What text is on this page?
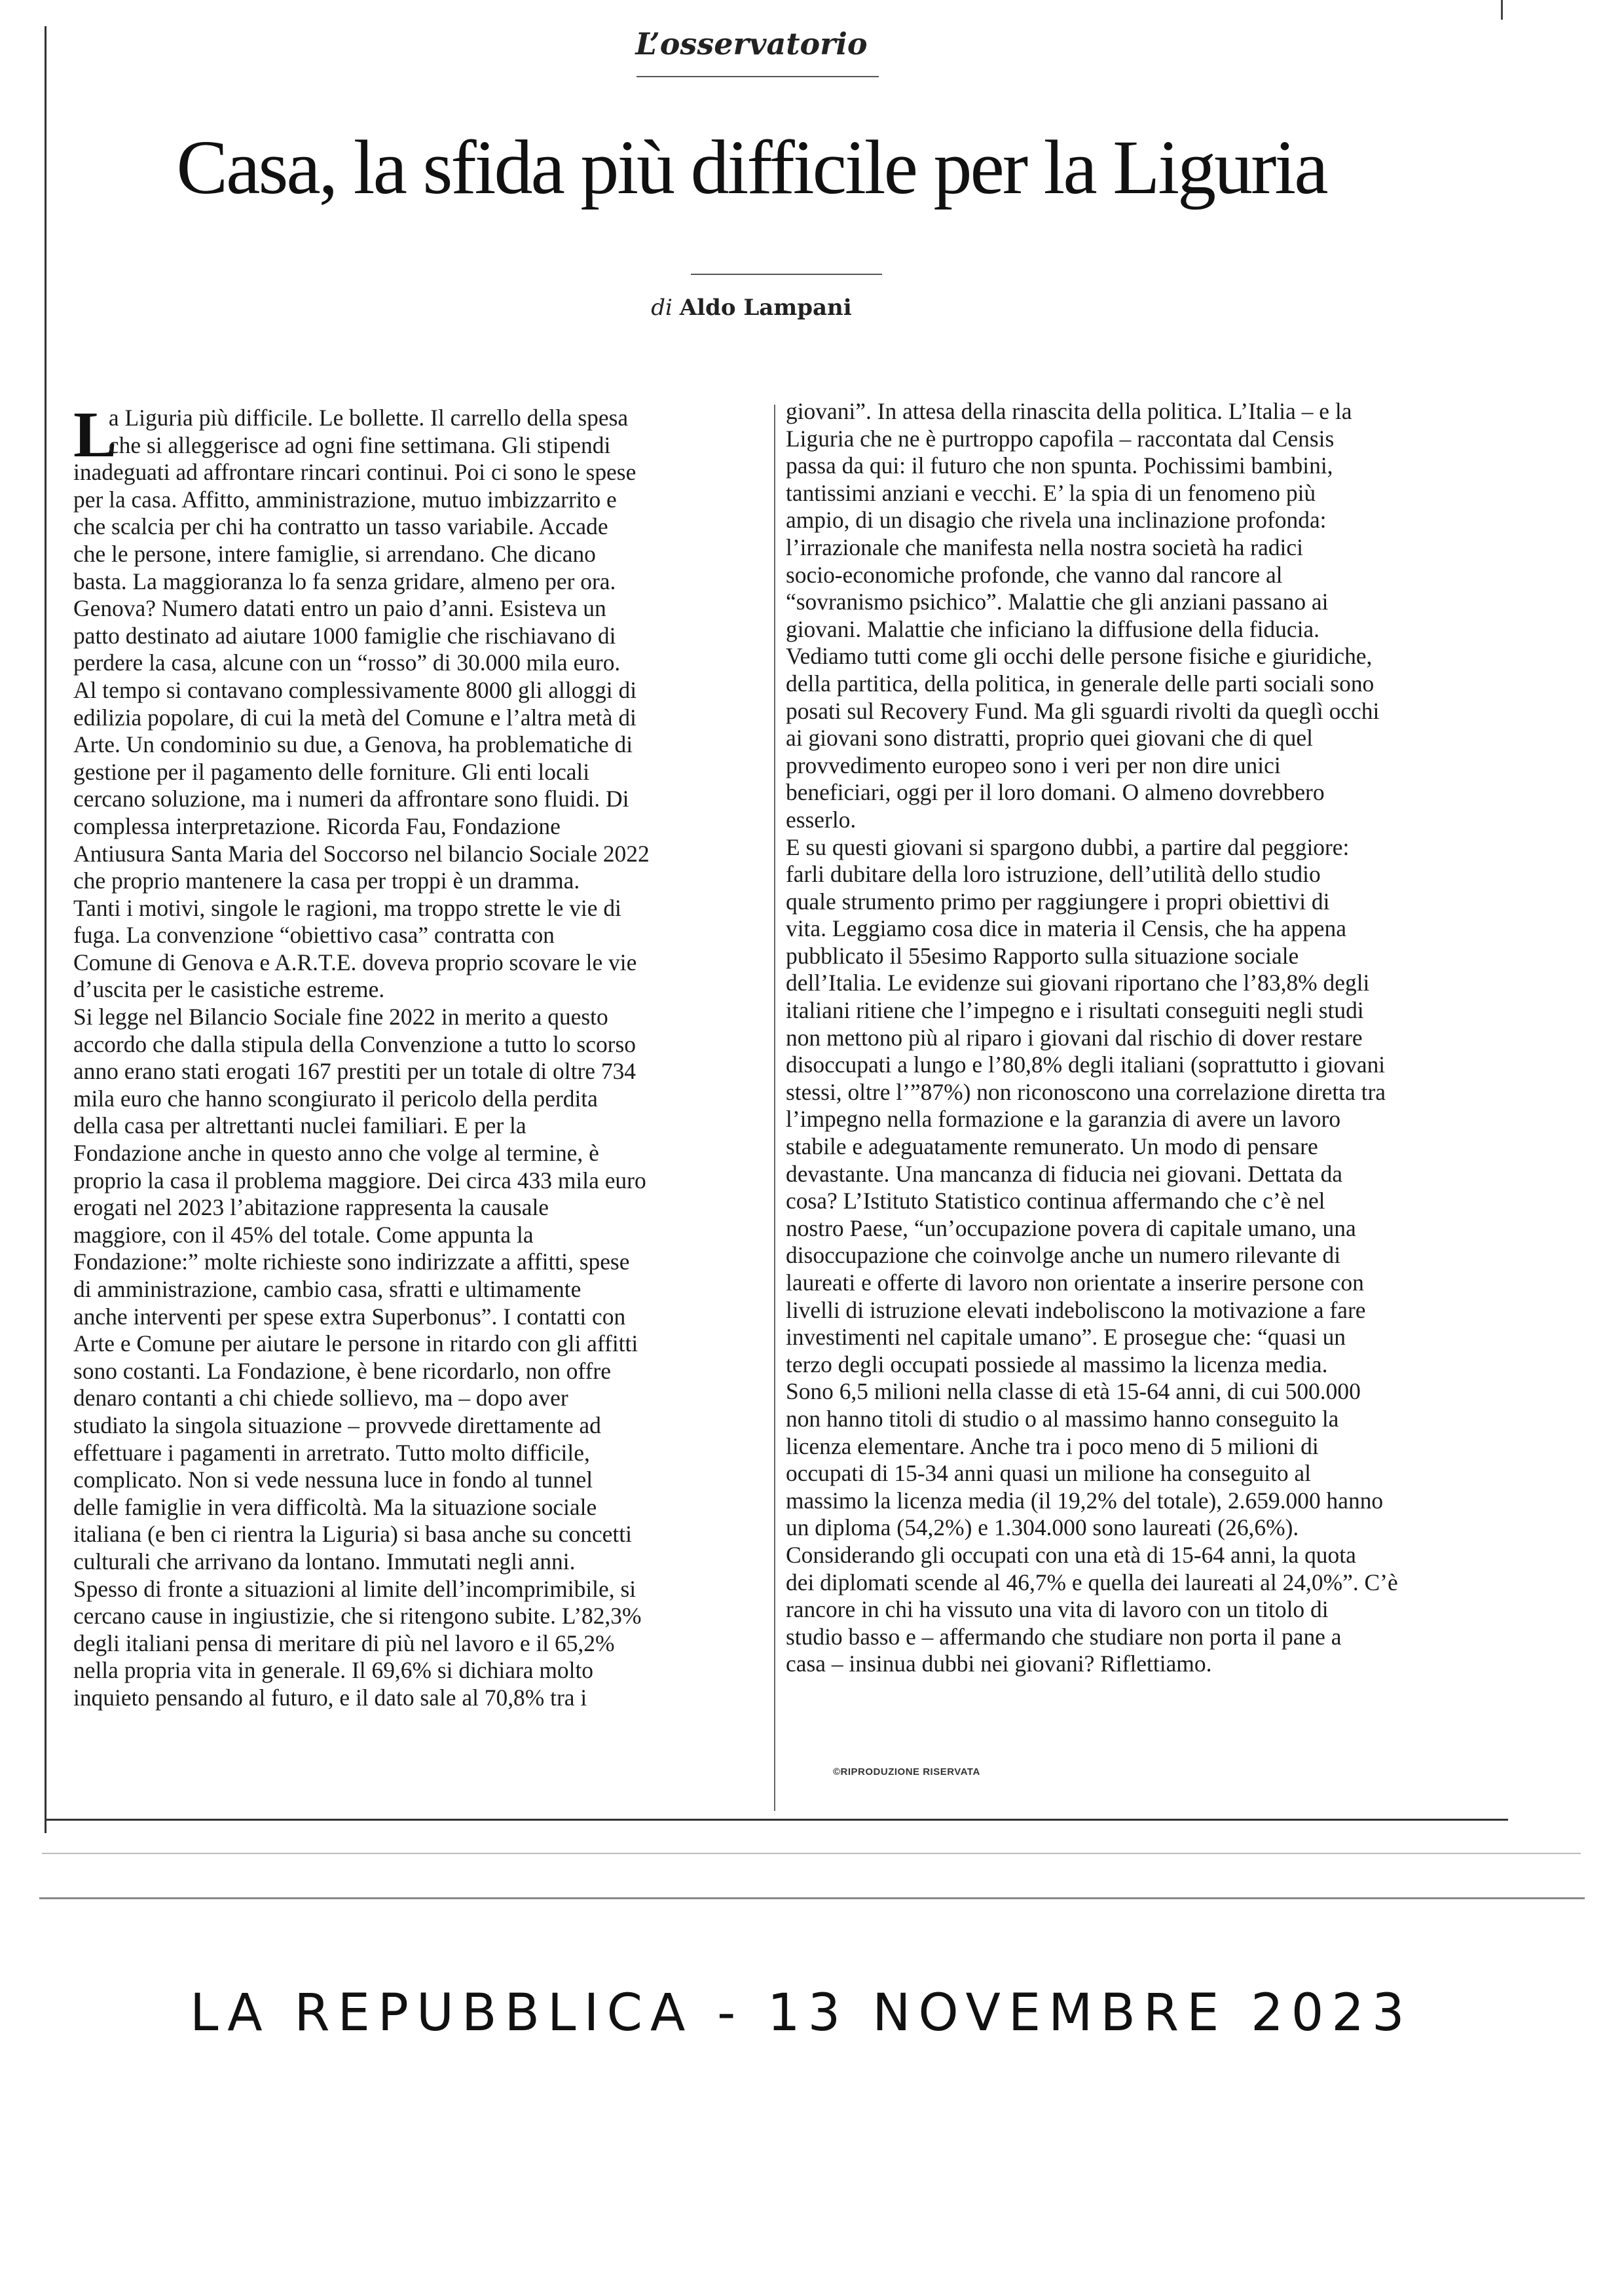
L’osservatorio
Casa, la sfida più difficile per la Liguria
di Aldo Lampani
L
a Liguria più difficile. Le bollette. Il carrello della spesa
che si alleggerisce ad ogni fine settimana. Gli stipendi
inadeguati ad affrontare rincari continui. Poi ci sono le spese
per la casa. Affitto, amministrazione, mutuo imbizzarrito e
che scalcia per chi ha contratto un tasso variabile. Accade
che le persone, intere famiglie, si arrendano. Che dicano
basta. La maggioranza lo fa senza gridare, almeno per ora.
Genova? Numero datati entro un paio d’anni. Esisteva un
patto destinato ad aiutare 1000 famiglie che rischiavano di
perdere la casa, alcune con un “rosso” di 30.000 mila euro.
Al tempo si contavano complessivamente 8000 gli alloggi di
edilizia popolare, di cui la metà del Comune e l’altra metà di
Arte. Un condominio su due, a Genova, ha problematiche di
gestione per il pagamento delle forniture. Gli enti locali
cercano soluzione, ma i numeri da affrontare sono fluidi. Di
complessa interpretazione. Ricorda Fau, Fondazione
Antiusura Santa Maria del Soccorso nel bilancio Sociale 2022
che proprio mantenere la casa per troppi è un dramma.
Tanti i motivi, singole le ragioni, ma troppo strette le vie di
fuga. La convenzione “obiettivo casa” contratta con
Comune di Genova e A.R.T.E. doveva proprio scovare le vie
d’uscita per le casistiche estreme.
Si legge nel Bilancio Sociale fine 2022 in merito a questo
accordo che dalla stipula della Convenzione a tutto lo scorso
anno erano stati erogati 167 prestiti per un totale di oltre 734
mila euro che hanno scongiurato il pericolo della perdita
della casa per altrettanti nuclei familiari. E per la
Fondazione anche in questo anno che volge al termine, è
proprio la casa il problema maggiore. Dei circa 433 mila euro
erogati nel 2023 l’abitazione rappresenta la causale
maggiore, con il 45% del totale. Come appunta la
Fondazione:” molte richieste sono indirizzate a affitti, spese
di amministrazione, cambio casa, sfratti e ultimamente
anche interventi per spese extra Superbonus”. I contatti con
Arte e Comune per aiutare le persone in ritardo con gli affitti
sono costanti. La Fondazione, è bene ricordarlo, non offre
denaro contanti a chi chiede sollievo, ma – dopo aver
studiato la singola situazione – provvede direttamente ad
effettuare i pagamenti in arretrato. Tutto molto difficile,
complicato. Non si vede nessuna luce in fondo al tunnel
delle famiglie in vera difficoltà. Ma la situazione sociale
italiana (e ben ci rientra la Liguria) si basa anche su concetti
culturali che arrivano da lontano. Immutati negli anni.
Spesso di fronte a situazioni al limite dell’incomprimibile, si
cercano cause in ingiustizie, che si ritengono subite. L’82,3%
degli italiani pensa di meritare di più nel lavoro e il 65,2%
nella propria vita in generale. Il 69,6% si dichiara molto
inquieto pensando al futuro, e il dato sale al 70,8% tra i
giovani”. In attesa della rinascita della politica. L’Italia – e la
Liguria che ne è purtroppo capofila – raccontata dal Censis
passa da qui: il futuro che non spunta. Pochissimi bambini,
tantissimi anziani e vecchi. E’ la spia di un fenomeno più
ampio, di un disagio che rivela una inclinazione profonda:
l’irrazionale che manifesta nella nostra società ha radici
socio-economiche profonde, che vanno dal rancore al
“sovranismo psichico”. Malattie che gli anziani passano ai
giovani. Malattie che inficiano la diffusione della fiducia.
Vediamo tutti come gli occhi delle persone fisiche e giuridiche,
della partitica, della politica, in generale delle parti sociali sono
posati sul Recovery Fund. Ma gli sguardi rivolti da queglì occhi
ai giovani sono distratti, proprio quei giovani che di quel
provvedimento europeo sono i veri per non dire unici
beneficiari, oggi per il loro domani. O almeno dovrebbero
esserlo.
E su questi giovani si spargono dubbi, a partire dal peggiore:
farli dubitare della loro istruzione, dell’utilità dello studio
quale strumento primo per raggiungere i propri obiettivi di
vita. Leggiamo cosa dice in materia il Censis, che ha appena
pubblicato il 55esimo Rapporto sulla situazione sociale
dell’Italia. Le evidenze sui giovani riportano che l’83,8% degli
italiani ritiene che l’impegno e i risultati conseguiti negli studi
non mettono più al riparo i giovani dal rischio di dover restare
disoccupati a lungo e l’80,8% degli italiani (soprattutto i giovani
stessi, oltre l’”87%) non riconoscono una correlazione diretta tra
l’impegno nella formazione e la garanzia di avere un lavoro
stabile e adeguatamente remunerato. Un modo di pensare
devastante. Una mancanza di fiducia nei giovani. Dettata da
cosa? L’Istituto Statistico continua affermando che c’è nel
nostro Paese, “un’occupazione povera di capitale umano, una
disoccupazione che coinvolge anche un numero rilevante di
laureati e offerte di lavoro non orientate a inserire persone con
livelli di istruzione elevati indeboliscono la motivazione a fare
investimenti nel capitale umano”. E prosegue che: “quasi un
terzo degli occupati possiede al massimo la licenza media.
Sono 6,5 milioni nella classe di età 15-64 anni, di cui 500.000
non hanno titoli di studio o al massimo hanno conseguito la
licenza elementare. Anche tra i poco meno di 5 milioni di
occupati di 15-34 anni quasi un milione ha conseguito al
massimo la licenza media (il 19,2% del totale), 2.659.000 hanno
un diploma (54,2%) e 1.304.000 sono laureati (26,6%).
Considerando gli occupati con una età di 15-64 anni, la quota
dei diplomati scende al 46,7% e quella dei laureati al 24,0%”. C’è
rancore in chi ha vissuto una vita di lavoro con un titolo di
studio basso e – affermando che studiare non porta il pane a
casa – insinua dubbi nei giovani? Riflettiamo.
©RIPRODUZIONE RISERVATA
LA REPUBBLICA - 13 NOVEMBRE 2023
